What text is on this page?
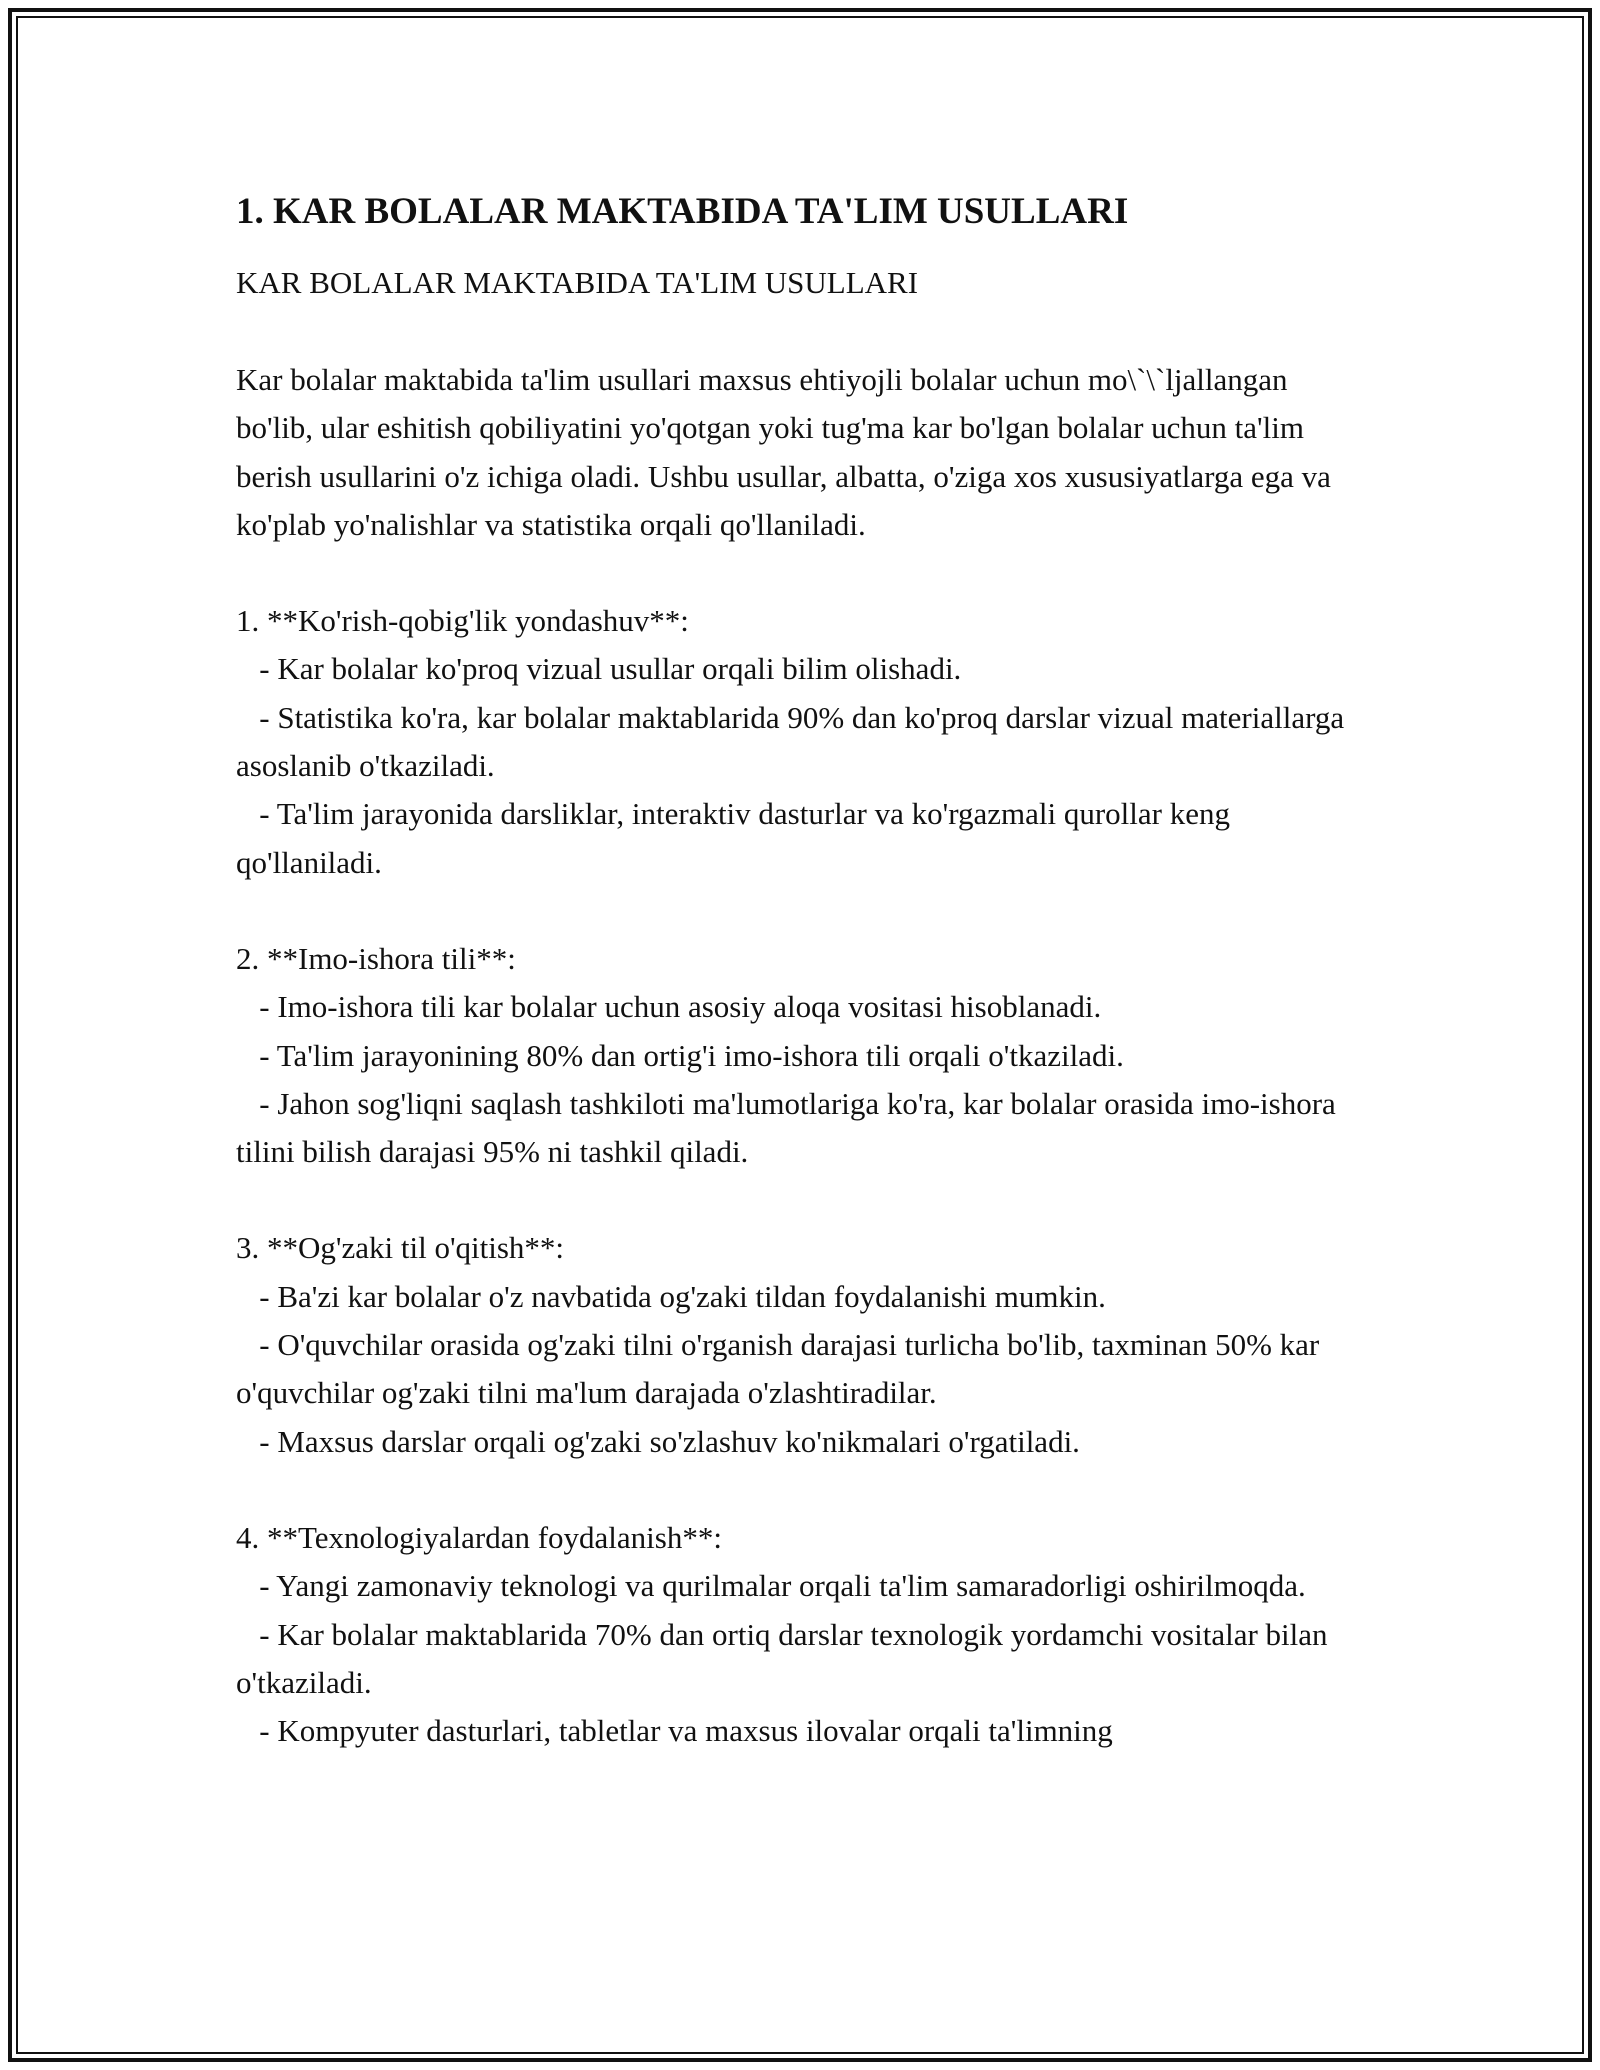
1. KAR BOLALAR MAKTABIDA TA'LIM USULLARI

KAR BOLALAR MAKTABIDA TA'LIM USULLARI

Kar bolalar maktabida ta'lim usullari maxsus ehtiyojli bolalar uchun mo\`\`ljallangan bo'lib, ular eshitish qobiliyatini yo'qotgan yoki tug'ma kar bo'lgan bolalar uchun ta'lim berish usullarini o'z ichiga oladi. Ushbu usullar, albatta, o'ziga xos xususiyatlarga ega va ko'plab yo'nalishlar va statistika orqali qo'llaniladi.

1. **Ko'rish-qobig'lik yondashuv**:

- Kar bolalar ko'proq vizual usullar orqali bilim olishadi.

- Statistika ko'ra, kar bolalar maktablarida 90% dan ko'proq darslar vizual materiallarga asoslanib o'tkaziladi.

- Ta'lim jarayonida darsliklar, interaktiv dasturlar va ko'rgazmali qurollar keng qo'llaniladi.

2. **Imo-ishora tili**:

- Imo-ishora tili kar bolalar uchun asosiy aloqa vositasi hisoblanadi.

- Ta'lim jarayonining 80% dan ortig'i imo-ishora tili orqali o'tkaziladi.

- Jahon sog'liqni saqlash tashkiloti ma'lumotlariga ko'ra, kar bolalar orasida imo-ishora tilini bilish darajasi 95% ni tashkil qiladi.

3. **Og'zaki til o'qitish**:

- Ba'zi kar bolalar o'z navbatida og'zaki tildan foydalanishi mumkin.

- O'quvchilar orasida og'zaki tilni o'rganish darajasi turlicha bo'lib, taxminan 50% kar o'quvchilar og'zaki tilni ma'lum darajada o'zlashtiradilar.

- Maxsus darslar orqali og'zaki so'zlashuv ko'nikmalari o'rgatiladi.

4. **Texnologiyalardan foydalanish**:

- Yangi zamonaviy teknologi va qurilmalar orqali ta'lim samaradorligi oshirilmoqda.

- Kar bolalar maktablarida 70% dan ortiq darslar texnologik yordamchi vositalar bilan o'tkaziladi.

- Kompyuter dasturlari, tabletlar va maxsus ilovalar orqali ta'limning
